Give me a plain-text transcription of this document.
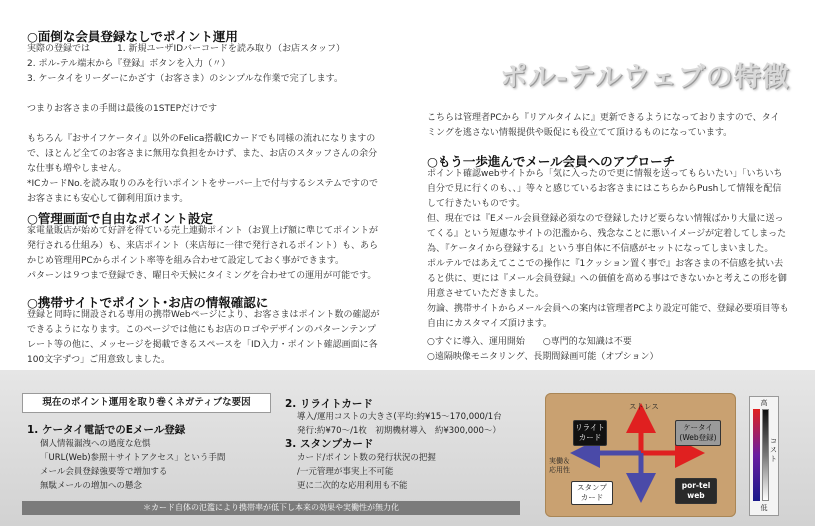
ポル-テルウェブの特徴
○面倒な会員登録なしでポイント運用
実際の登録では　　　1. 新規ユーザIDバーコードを読み取り（お店スタッフ）
2. ポル-テル端末から『登録』ボタンを入力（〃）
3. ケータイをリーダーにかざす（お客さま）のシンプルな作業で完了します。

つまりお客さまの手間は最後の1STEPだけです

もちろん『おサイフケータイ』以外のFelica搭載ICカードでも同様の流れになりますので、ほとんど全てのお客さまに無用な負担をかけず、また、お店のスタッフさんの余分な仕事も増やしません。
*ICカードNo.を読み取りのみを行いポイントをサーバー上で付与するシステムですのでお客さまにも安心して御利用頂けます。
○管理画面で自由なポイント設定
家電量販店が始めて好評を得ている売上連動ポイント（お買上げ額に準じてポイントが発行される仕組み）も、来店ポイント（来店毎に一律で発行されるポイント）も、あらかじめ管理用PCからポイント率等を組み合わせて設定しておく事ができます。
パターンは９つまで登録でき、曜日や天候にタイミングを合わせての運用が可能です。
○携帯サイトでポイント･お店の情報確認に
登録と同時に開設される専用の携帯Webページにより、お客さまはポイント数の確認ができるようになります。このページでは他にもお店のロゴやデザインのパターンテンプレート等の他に、メッセージを掲載できるスペースを「ID入力・ポイント確認画面に各100文字ずつ」ご用意致しました。
こちらは管理者PCから『リアルタイムに』更新できるようになっておりますので、タイミングを逃さない情報提供や販促にも役立てて頂けるものになっています。
○もう一歩進んでメール会員へのアプローチ
ポイント確認webサイトから「気に入ったので更に情報を送ってもらいたい」「いちいち自分で見に行くのも、、」等々と感じているお客さまにはこちらからPushして情報を配信して行きたいものです。
但、現在では『Eメール会員登録必須なので登録したけど要らない情報ばかり大量に送ってくる』という短慮なサイトの氾濫から、残念なことに悪いイメージが定着してしまった為、『ケータイから登録する』という事自体に不信感がセットになってしまいました。
ポルテルではあえてここでの操作に『1クッション置く事で』お客さまの不信感を拭い去ると供に、更には『メール会員登録』への価値を高める事はできないかと考えこの形を御用意させていただきました。
勿論、携帯サイトからメール会員への案内は管理者PCより設定可能で、登録必要項目等も自由にカスタマイズ頂けます。
○すぐに導入、運用開始　　○専門的な知識は不要
○遠隔映像モニタリング、長期間録画可能（オプション）
現在のポイント運用を取り巻くネガティブな要因
1. ケータイ電話でのEメール登録
個人情報漏洩への過度な危惧
「URL(Web)参照＋サイトアクセス」という手間
メール会員登録強要等で増加する
無駄メールの増加への懸念
2. リライトカード
導入/運用コストの大きさ(平均:約¥15～170,000/1台
発行:約¥70～/1枚　初期機材導入　約¥300,000～）
3. スタンプカード
カード/ポイント数の発行状況の把握
/一元管理が事実上不可能
更に二次的な応用利用も不能
＊カード自体の氾濫により携帯率が低下し本来の効果や実働性が無力化
ストレス
実働＆
応用性
リライト
カード
ケータイ
(Web登録)
スタンプ
カード
por-tel
web
高
コスト
低
